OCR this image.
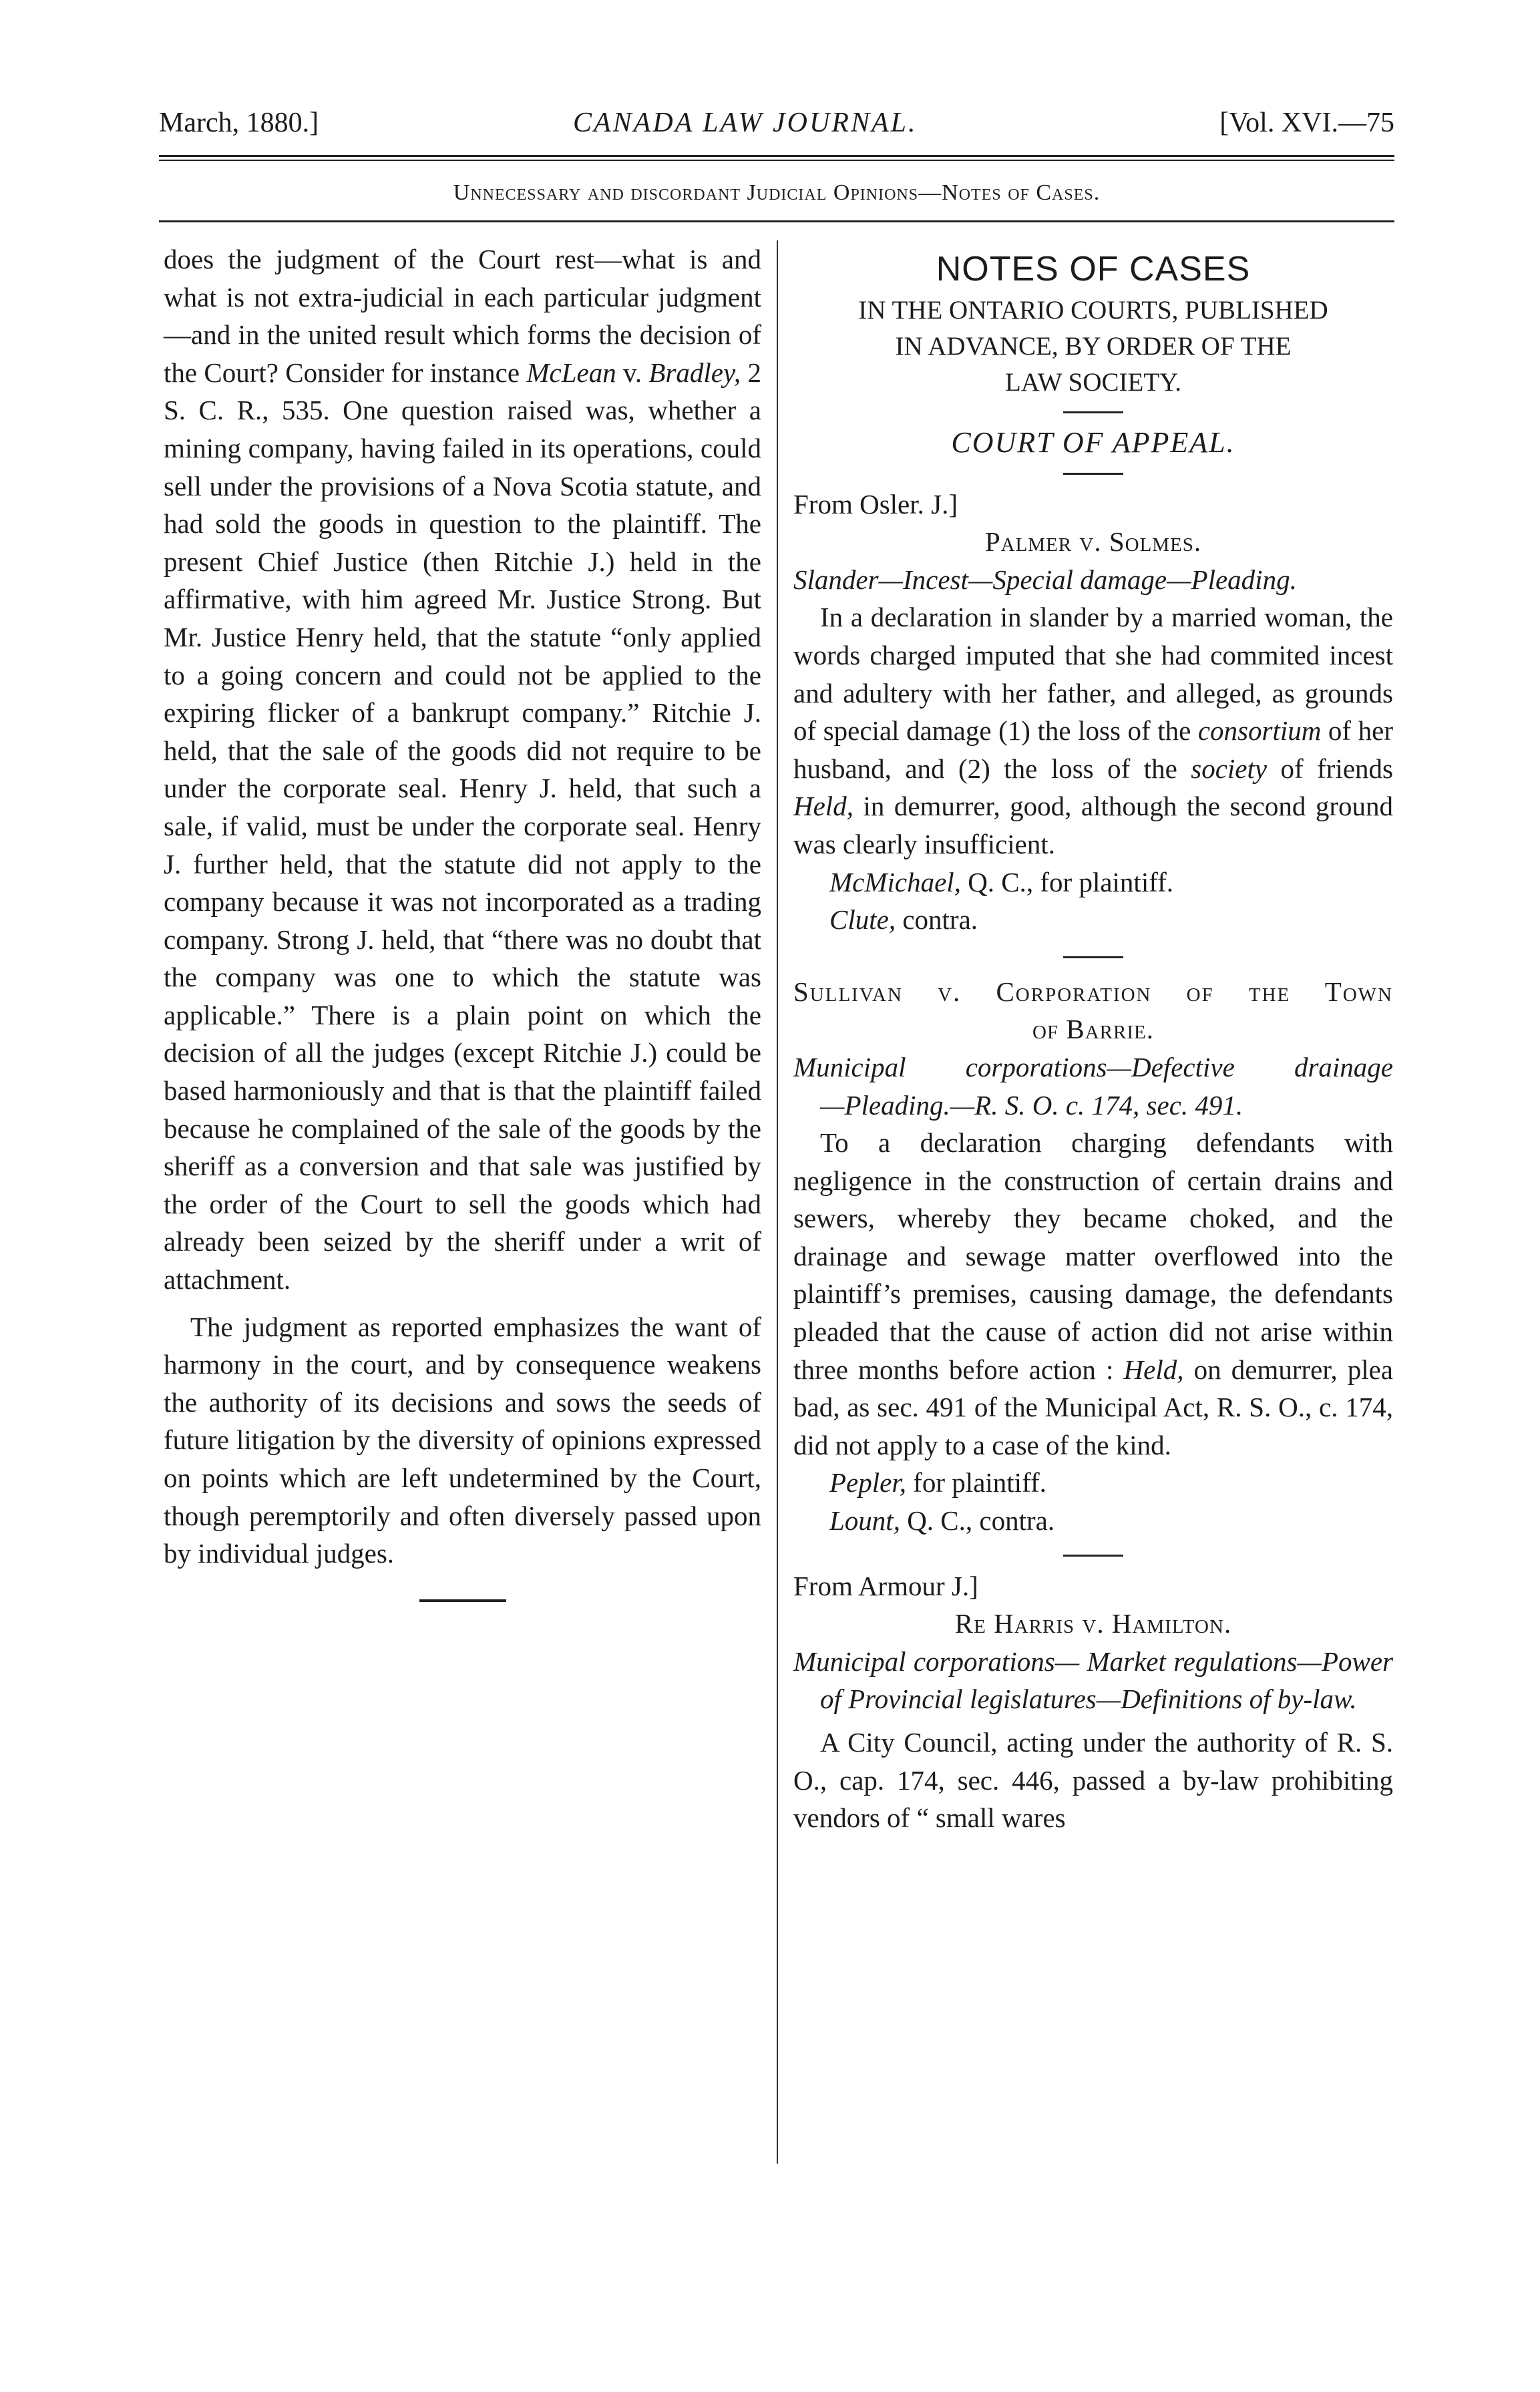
March, 1880.]	CANADA LAW JOURNAL.	[Vol. XVI.—75
Unnecessary and discordant Judicial Opinions—Notes of Cases.

does the judgment of the Court rest—what is and what is not extra-judicial in each particular judgment—and in the united result which forms the decision of the Court? Consider for instance McLean v. Bradley, 2 S. C. R., 535. One question raised was, whether a mining company, having failed in its operations, could sell under the provisions of a Nova Scotia statute, and had sold the goods in question to the plaintiff. The present Chief Justice (then Ritchie J.) held in the affirmative, with him agreed Mr. Justice Strong. But Mr. Justice Henry held, that the statute “only applied to a going concern and could not be applied to the expiring flicker of a bankrupt company.” Ritchie J. held, that the sale of the goods did not require to be under the corporate seal. Henry J. held, that such a sale, if valid, must be under the corporate seal. Henry J. further held, that the statute did not apply to the company because it was not incorporated as a trading company. Strong J. held, that “there was no doubt that the company was one to which the statute was applicable.” There is a plain point on which the decision of all the judges (except Ritchie J.) could be based harmoniously and that is that the plaintiff failed because he complained of the sale of the goods by the sheriff as a conversion and that sale was justified by the order of the Court to sell the goods which had already been seized by the sheriff under a writ of attachment.

The judgment as reported emphasizes the want of harmony in the court, and by consequence weakens the authority of its decisions and sows the seeds of future litigation by the diversity of opinions expressed on points which are left undetermined by the Court, though peremptorily and often diversely passed upon by individual judges.

NOTES OF CASES
IN THE ONTARIO COURTS, PUBLISHED
IN ADVANCE, BY ORDER OF THE
LAW SOCIETY.
COURT OF APPEAL.

From Osler. J.]

Palmer v. Solmes.

Slander—Incest—Special damage—Pleading.

In a declaration in slander by a married woman, the words charged imputed that she had commited incest and adultery with her father, and alleged, as grounds of special damage (1) the loss of the consortium of her husband, and (2) the loss of the society of friends Held, in demurrer, good, although the second ground was clearly insufficient.

McMichael, Q. C., for plaintiff.

Clute, contra.

Sullivan v. Corporation of the Town
of Barrie.

Municipal corporations—Defective drainage

—Pleading.—R. S. O. c. 174, sec. 491.

To a declaration charging defendants with negligence in the construction of certain drains and sewers, whereby they became choked, and the drainage and sewage matter overflowed into the plaintiff’s premises, causing damage, the defendants pleaded that the cause of action did not arise within three months before action : Held, on demurrer, plea bad, as sec. 491 of the Municipal Act, R. S. O., c. 174, did not apply to a case of the kind.

Pepler, for plaintiff.

Lount, Q. C., contra.

From Armour J.]

Re Harris v. Hamilton.

Municipal corporations— Market regulations—Power of Provincial legislatures—Definitions of by-law.

A City Council, acting under the authority of R. S. O., cap. 174, sec. 446, passed a by-law prohibiting vendors of “ small wares
